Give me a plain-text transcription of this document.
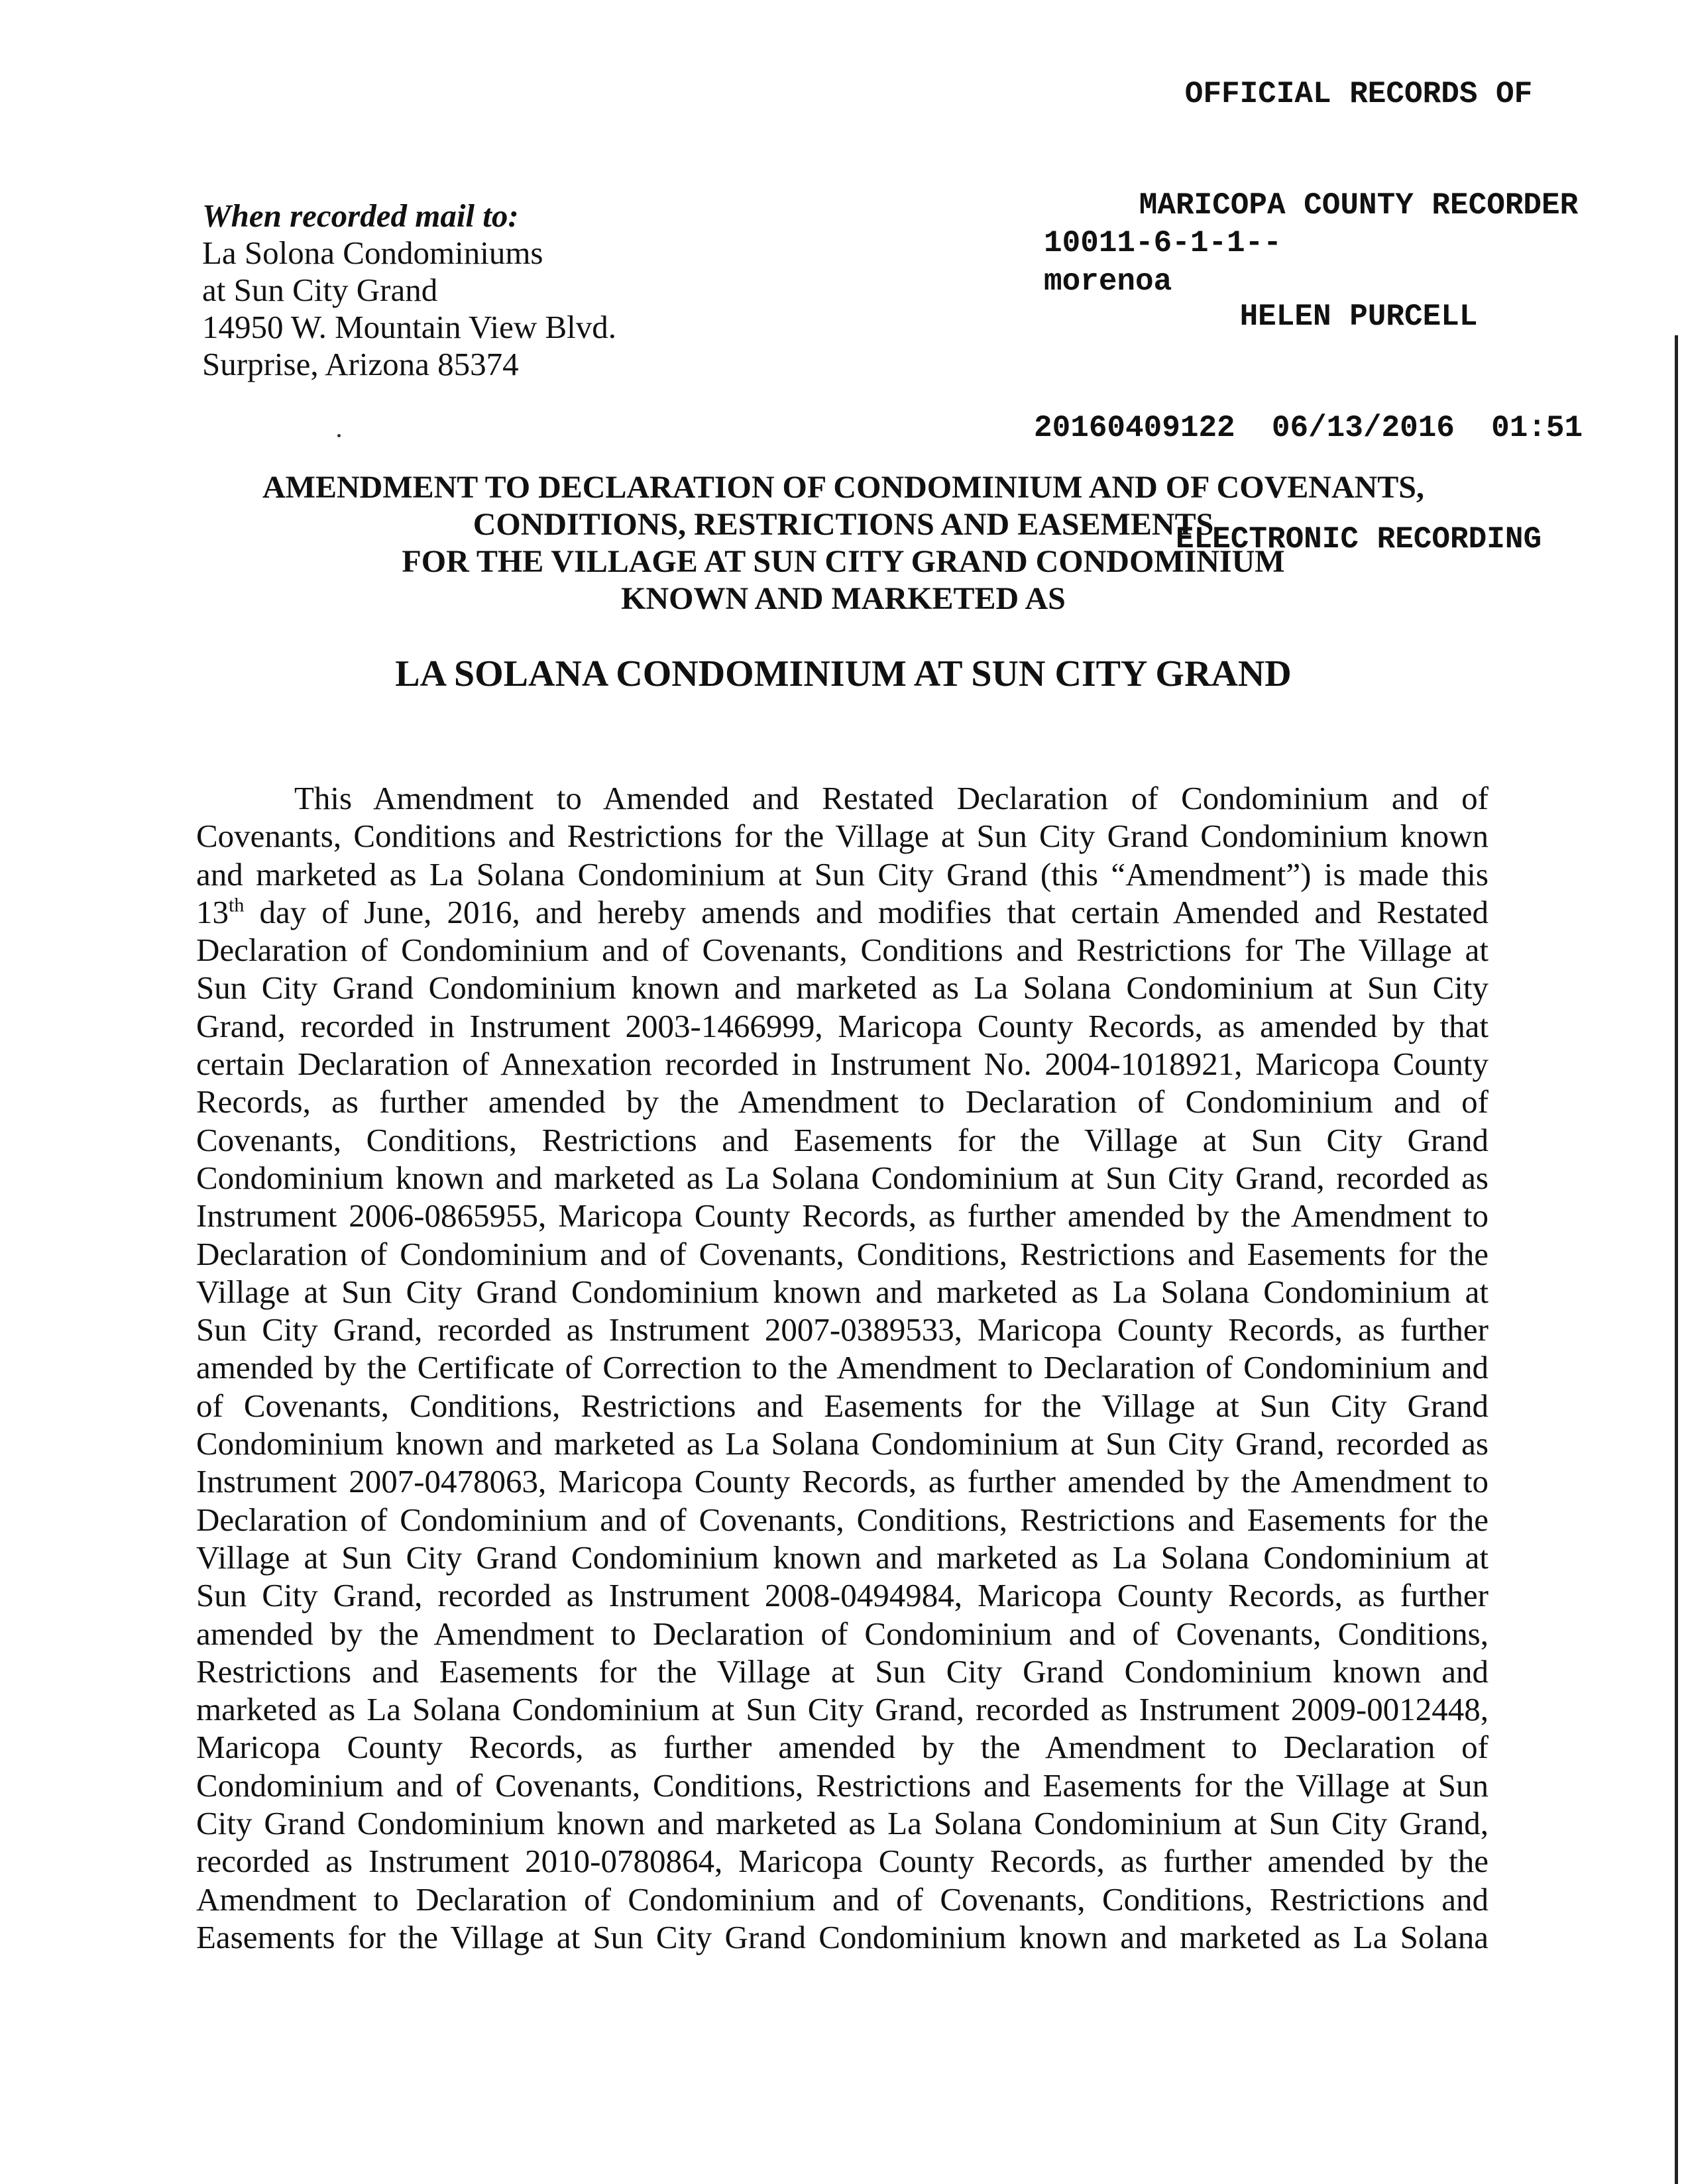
OFFICIAL RECORDS OF

MARICOPA COUNTY RECORDER

HELEN PURCELL

20160409122  06/13/2016  01:51

ELECTRONIC RECORDING

10011-6-1-1--
morenoa
When recorded mail to:
La Solona Condominiums
at Sun City Grand
14950 W. Mountain View Blvd.
Surprise, Arizona 85374
AMENDMENT TO DECLARATION OF CONDOMINIUM AND OF COVENANTS,
CONDITIONS, RESTRICTIONS AND EASEMENTS
FOR THE VILLAGE AT SUN CITY GRAND CONDOMINIUM
KNOWN AND MARKETED AS
LA SOLANA CONDOMINIUM AT SUN CITY GRAND
This Amendment to Amended and Restated Declaration of Condominium and of
Covenants, Conditions and Restrictions for the Village at Sun City Grand Condominium known
and marketed as La Solana Condominium at Sun City Grand (this “Amendment”) is made this
13th day of June, 2016, and hereby amends and modifies that certain Amended and Restated
Declaration of Condominium and of Covenants, Conditions and Restrictions for The Village at
Sun City Grand Condominium known and marketed as La Solana Condominium at Sun City
Grand, recorded in Instrument 2003-1466999, Maricopa County Records, as amended by that
certain Declaration of Annexation recorded in Instrument No. 2004-1018921, Maricopa County
Records, as further amended by the Amendment to Declaration of Condominium and of
Covenants, Conditions, Restrictions and Easements for the Village at Sun City Grand
Condominium known and marketed as La Solana Condominium at Sun City Grand, recorded as
Instrument 2006-0865955, Maricopa County Records, as further amended by the Amendment to
Declaration of Condominium and of Covenants, Conditions, Restrictions and Easements for the
Village at Sun City Grand Condominium known and marketed as La Solana Condominium at
Sun City Grand, recorded as Instrument 2007-0389533, Maricopa County Records, as further
amended by the Certificate of Correction to the Amendment to Declaration of Condominium and
of Covenants, Conditions, Restrictions and Easements for the Village at Sun City Grand
Condominium known and marketed as La Solana Condominium at Sun City Grand, recorded as
Instrument 2007-0478063, Maricopa County Records, as further amended by the Amendment to
Declaration of Condominium and of Covenants, Conditions, Restrictions and Easements for the
Village at Sun City Grand Condominium known and marketed as La Solana Condominium at
Sun City Grand, recorded as Instrument 2008-0494984, Maricopa County Records, as further
amended by the Amendment to Declaration of Condominium and of Covenants, Conditions,
Restrictions and Easements for the Village at Sun City Grand Condominium known and
marketed as La Solana Condominium at Sun City Grand, recorded as Instrument 2009-0012448,
Maricopa County Records, as further amended by the Amendment to Declaration of
Condominium and of Covenants, Conditions, Restrictions and Easements for the Village at Sun
City Grand Condominium known and marketed as La Solana Condominium at Sun City Grand,
recorded as Instrument 2010-0780864, Maricopa County Records, as further amended by the
Amendment to Declaration of Condominium and of Covenants, Conditions, Restrictions and
Easements for the Village at Sun City Grand Condominium known and marketed as La Solana
